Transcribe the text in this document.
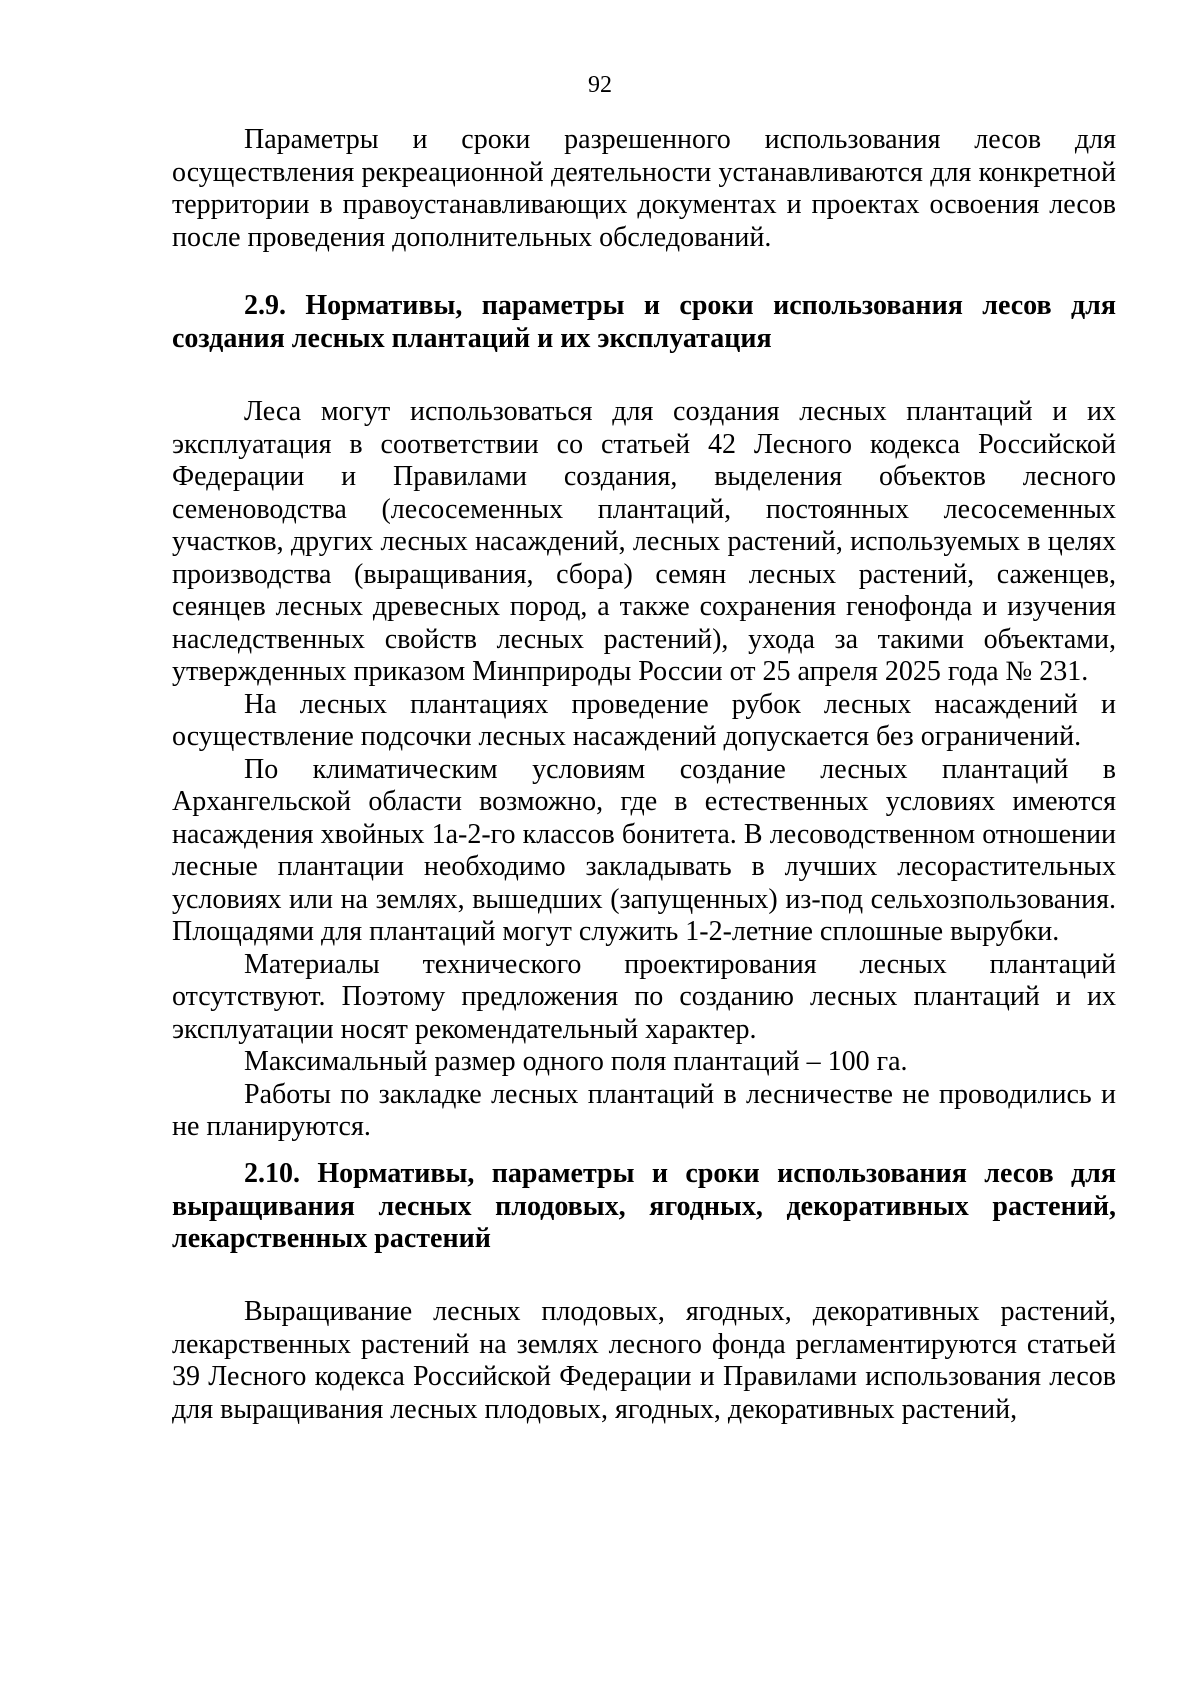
92

Параметры и сроки разрешенного использования лесов для осуществления рекреационной деятельности устанавливаются для конкретной территории в правоустанавливающих документах и проектах освоения лесов после проведения дополнительных обследований.

2.9. Нормативы, параметры и сроки использования лесов для создания лесных плантаций и их эксплуатация

Леса могут использоваться для создания лесных плантаций и их эксплуатация в соответствии со статьей 42 Лесного кодекса Российской Федерации и Правилами создания, выделения объектов лесного семеноводства (лесосеменных плантаций, постоянных лесосеменных участков, других лесных насаждений, лесных растений, используемых в целях производства (выращивания, сбора) семян лесных растений, саженцев, сеянцев лесных древесных пород, а также сохранения генофонда и изучения наследственных свойств лесных растений), ухода за такими объектами, утвержденных приказом Минприроды России от 25 апреля 2025 года № 231.

На лесных плантациях проведение рубок лесных насаждений и осуществление подсочки лесных насаждений допускается без ограничений.

По климатическим условиям создание лесных плантаций в Архангельской области возможно, где в естественных условиях имеются насаждения хвойных 1а-2-го классов бонитета. В лесоводственном отношении лесные плантации необходимо закладывать в лучших лесорастительных условиях или на землях, вышедших (запущенных) из-под сельхозпользования. Площадями для плантаций могут служить 1-2-летние сплошные вырубки.

Материалы технического проектирования лесных плантаций отсутствуют. Поэтому предложения по созданию лесных плантаций и их эксплуатации носят рекомендательный характер.

Максимальный размер одного поля плантаций – 100 га.

Работы по закладке лесных плантаций в лесничестве не проводились и не планируются.

2.10. Нормативы, параметры и сроки использования лесов для выращивания лесных плодовых, ягодных, декоративных растений, лекарственных растений

Выращивание лесных плодовых, ягодных, декоративных растений, лекарственных растений на землях лесного фонда регламентируются статьей 39 Лесного кодекса Российской Федерации и Правилами использования лесов для выращивания лесных плодовых, ягодных, декоративных растений,
